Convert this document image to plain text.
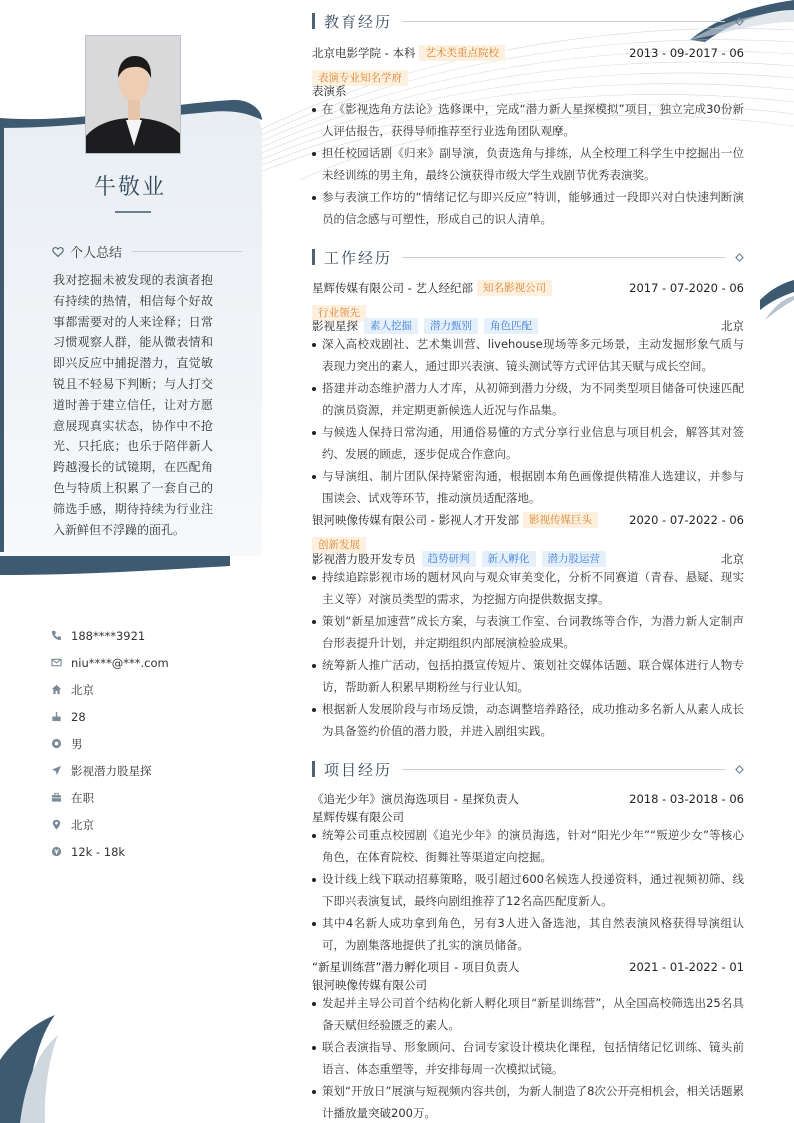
牛敬业
个人总结
我对挖掘未被发现的表演者抱有持续的热情，相信每个好故事都需要对的人来诠释；日常习惯观察人群，能从微表情和即兴反应中捕捉潜力，直觉敏锐且不轻易下判断；与人打交道时善于建立信任，让对方愿意展现真实状态，协作中不抢光、只托底；也乐于陪伴新人跨越漫长的试镜期，在匹配角色与特质上积累了一套自己的筛选手感，期待持续为行业注入新鲜但不浮躁的面孔。
188****3921
niu****@***.com
北京
28
男
影视潜力股星探
在职
北京
12k - 18k
教育经历
北京电影学院 - 本科 艺术类重点院校	2013 - 09-2017 - 06
表演专业知名学府
表演系
在《影视选角方法论》选修课中，完成“潜力新人星探模拟”项目，独立完成30份新人评估报告，获得导师推荐至行业选角团队观摩。
担任校园话剧《归来》副导演，负责选角与排练，从全校理工科学生中挖掘出一位未经训练的男主角，最终公演获得市级大学生戏剧节优秀表演奖。
参与表演工作坊的“情绪记忆与即兴反应”特训，能够通过一段即兴对白快速判断演员的信念感与可塑性，形成自己的识人清单。
工作经历
星辉传媒有限公司 - 艺人经纪部 知名影视公司	2017 - 07-2020 - 06
行业领先
影视星探	素人挖掘	潜力甄别	角色匹配	北京
深入高校戏剧社、艺术集训营、livehouse现场等多元场景，主动发掘形象气质与表现力突出的素人，通过即兴表演、镜头测试等方式评估其天赋与成长空间。
搭建并动态维护潜力人才库，从初筛到潜力分级，为不同类型项目储备可快速匹配的演员资源，并定期更新候选人近况与作品集。
与候选人保持日常沟通，用通俗易懂的方式分享行业信息与项目机会，解答其对签约、发展的顾虑，逐步促成合作意向。
与导演组、制片团队保持紧密沟通，根据剧本角色画像提供精准人选建议，并参与围读会、试戏等环节，推动演员适配落地。
银河映像传媒有限公司 - 影视人才开发部 影视传媒巨头	2020 - 07-2022 - 06
创新发展
影视潜力股开发专员	趋势研判	新人孵化	潜力股运营	北京
持续追踪影视市场的题材风向与观众审美变化，分析不同赛道（青春、悬疑、现实主义等）对演员类型的需求，为挖掘方向提供数据支撑。
策划“新星加速营”成长方案，与表演工作室、台词教练等合作，为潜力新人定制声台形表提升计划，并定期组织内部展演检验成果。
统筹新人推广活动，包括拍摄宣传短片、策划社交媒体话题、联合媒体进行人物专访，帮助新人积累早期粉丝与行业认知。
根据新人发展阶段与市场反馈，动态调整培养路径，成功推动多名新人从素人成长为具备签约价值的潜力股，并进入剧组实践。
项目经历
《追光少年》演员海选项目 - 星探负责人	2018 - 03-2018 - 06
星辉传媒有限公司
统筹公司重点校园剧《追光少年》的演员海选，针对“阳光少年”“叛逆少女”等核心角色，在体育院校、街舞社等渠道定向挖掘。
设计线上线下联动招募策略，吸引超过600名候选人投递资料，通过视频初筛、线下即兴表演复试，最终向剧组推荐了12名高匹配度新人。
其中4名新人成功拿到角色，另有3人进入备选池，其自然表演风格获得导演组认可，为剧集落地提供了扎实的演员储备。
“新星训练营”潜力孵化项目 - 项目负责人	2021 - 01-2022 - 01
银河映像传媒有限公司
发起并主导公司首个结构化新人孵化项目“新星训练营”，从全国高校筛选出25名具备天赋但经验匮乏的素人。
联合表演指导、形象顾问、台词专家设计模块化课程，包括情绪记忆训练、镜头前语言、体态重塑等，并安排每周一次模拟试镜。
策划“开放日”展演与短视频内容共创，为新人制造了8次公开亮相机会，相关话题累计播放量突破200万。
